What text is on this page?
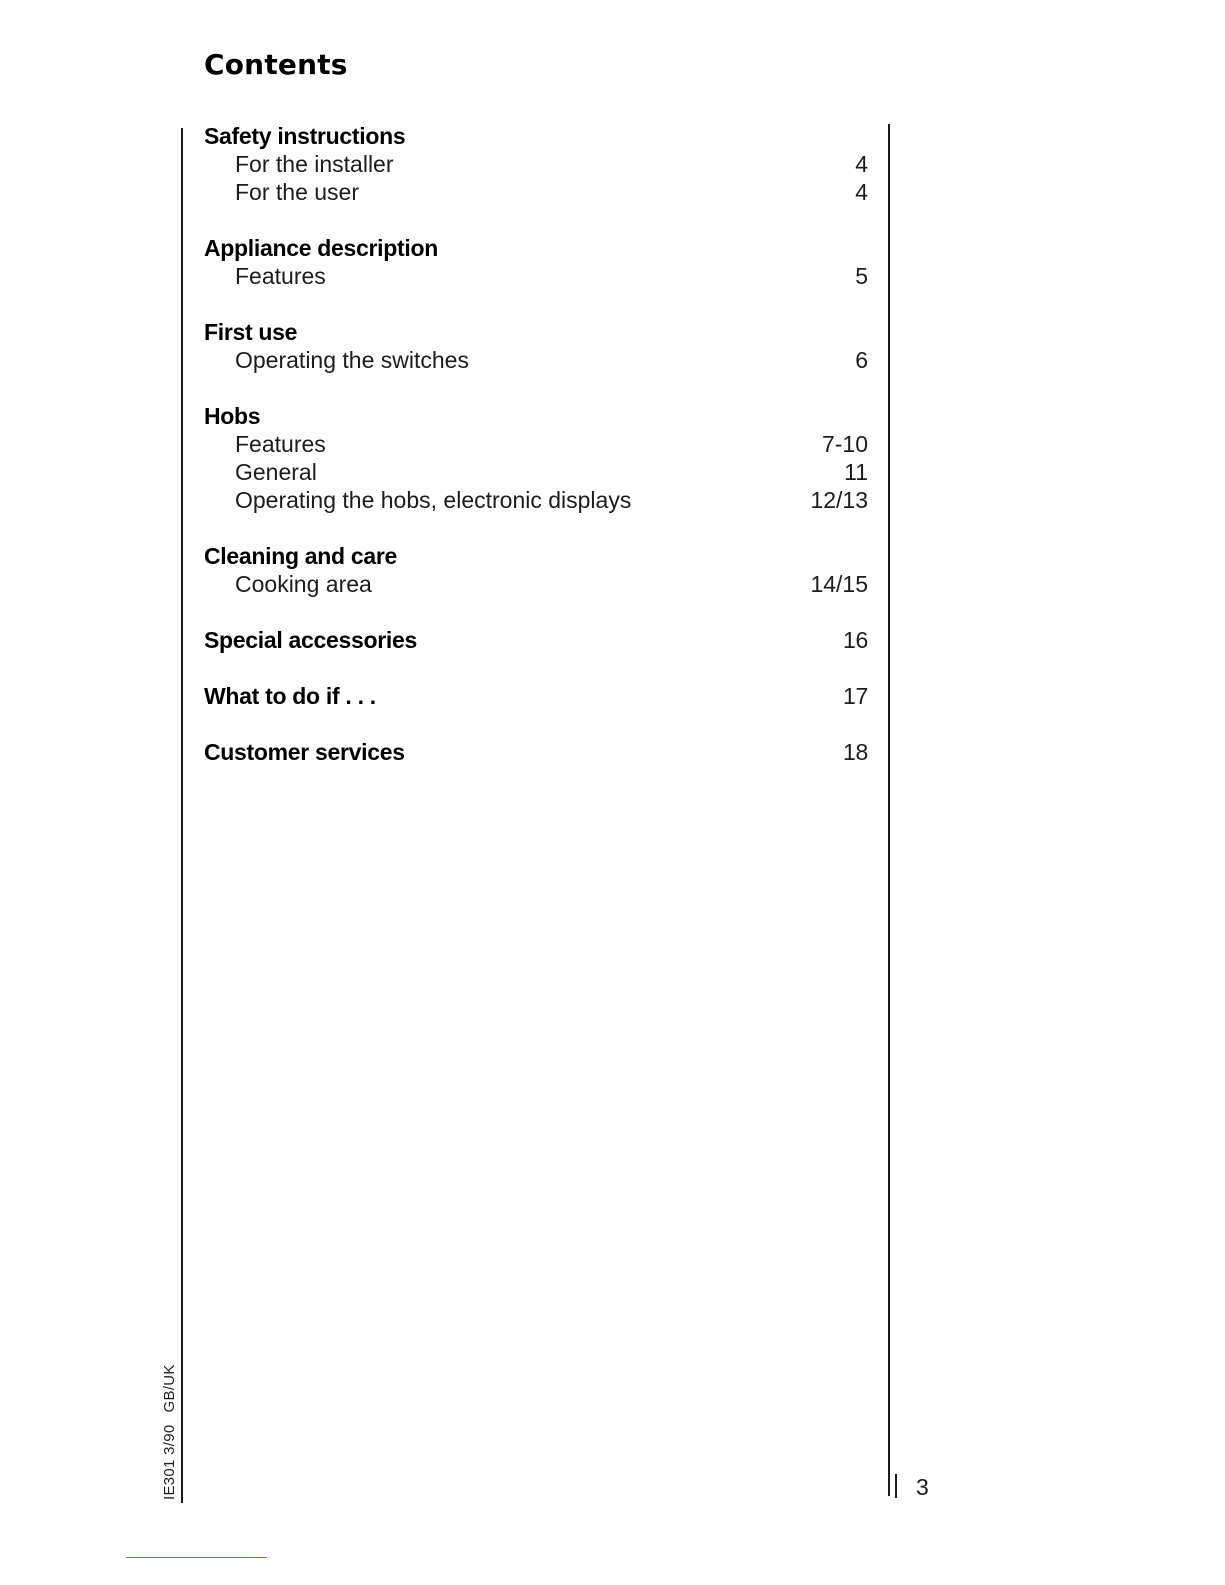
Contents
Safety instructions
For the installer	4
For the user	4
Appliance description
Features	5
First use
Operating the switches	6
Hobs
Features	7-10
General	11
Operating the hobs, electronic displays	12/13
Cleaning and care
Cooking area	14/15
Special accessories	16
What to do if . . .	17
Customer services	18
IE301 3/90GB/UK
3
